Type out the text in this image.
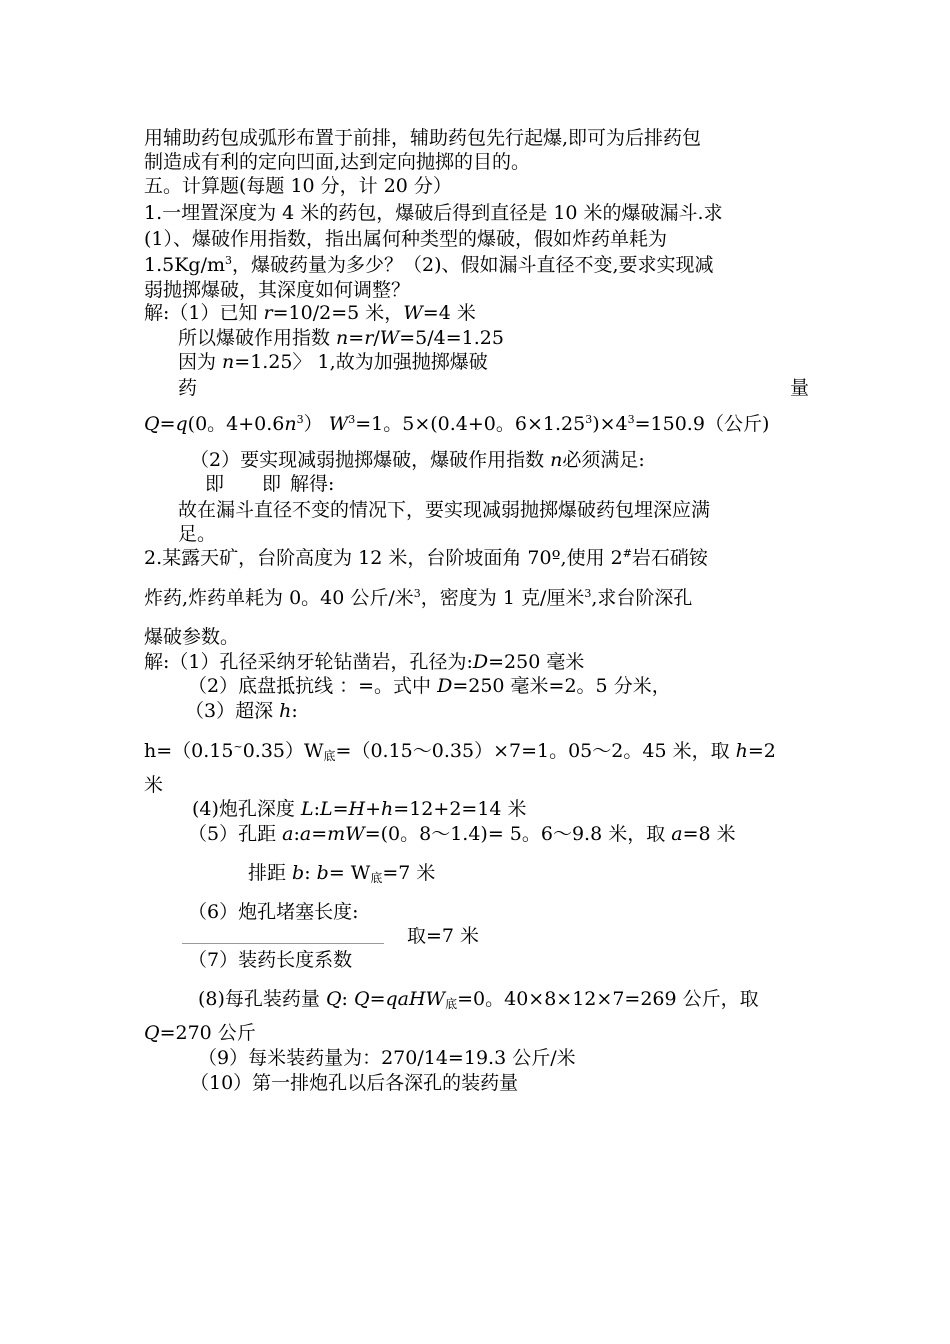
用辅助药包成弧形布置于前排，辅助药包先行起爆,即可为后排药包
制造成有利的定向凹面,达到定向抛掷的目的。
五。计算题(每题 10 分，计 20 分）
1.一埋置深度为 4 米的药包，爆破后得到直径是 10 米的爆破漏斗.求
(1）、爆破作用指数，指出属何种类型的爆破，假如炸药单耗为
$1.5Kg/m^3$，爆破药量为多少？（2)、假如漏斗直径不变,要求实现减
弱抛掷爆破，其深度如何调整？
解:（1）已知 r=10/2=5 米，W=4 米
所以爆破作用指数 n=r/W=5/4=1.25
因为 n=1.25〉 1,故为加强抛掷爆破
药	量
Q=q(0。$4+0.6n^3$） $W^3=1$。5×(0.4+0。$6\times 1.25^3)\times 4^3=150.9$（公斤)
（2）要实现减弱抛掷爆破，爆破作用指数 n必须满足:
即 即 解得:
故在漏斗直径不变的情况下，要实现减弱抛掷爆破药包埋深应满
足。
2.某露天矿，台阶高度为 12 米，台阶坡面角 70º,使用 2#岩石硝铵
炸药,炸药单耗为 0。40 公斤/米$^3$，密度为 1 克/厘米$^3$,求台阶深孔
爆破参数。
解:（1）孔径采纳牙轮钻凿岩，孔径为:D=250 毫米
（2）底盘抵抗线 ：=。式中 D=250 毫米=2。5 分米，
（3）超深 h:
$h=(0.15^\sim 0.35)W_底=(0.15\sim 0.35)\times 7=1$。05～2。45 米，取 h=2
米
(4)炮孔深度 L:L=H+h=12+2=14 米
（5）孔距 a:a=mW=(0。8～1.4)= 5。6～9.8 米，取 a=8 米
排距 b: $b= W_底=7$ 米
（6）炮孔堵塞长度:
取=7 米
（7）装药长度系数
(8)每孔装药量 Q: Q=qaHW$_底$=0。40×8×12×7=269 公斤，取
Q=270 公斤
（9）每米装药量为：270/14=19.3 公斤/米
（10）第一排炮孔以后各深孔的装药量
